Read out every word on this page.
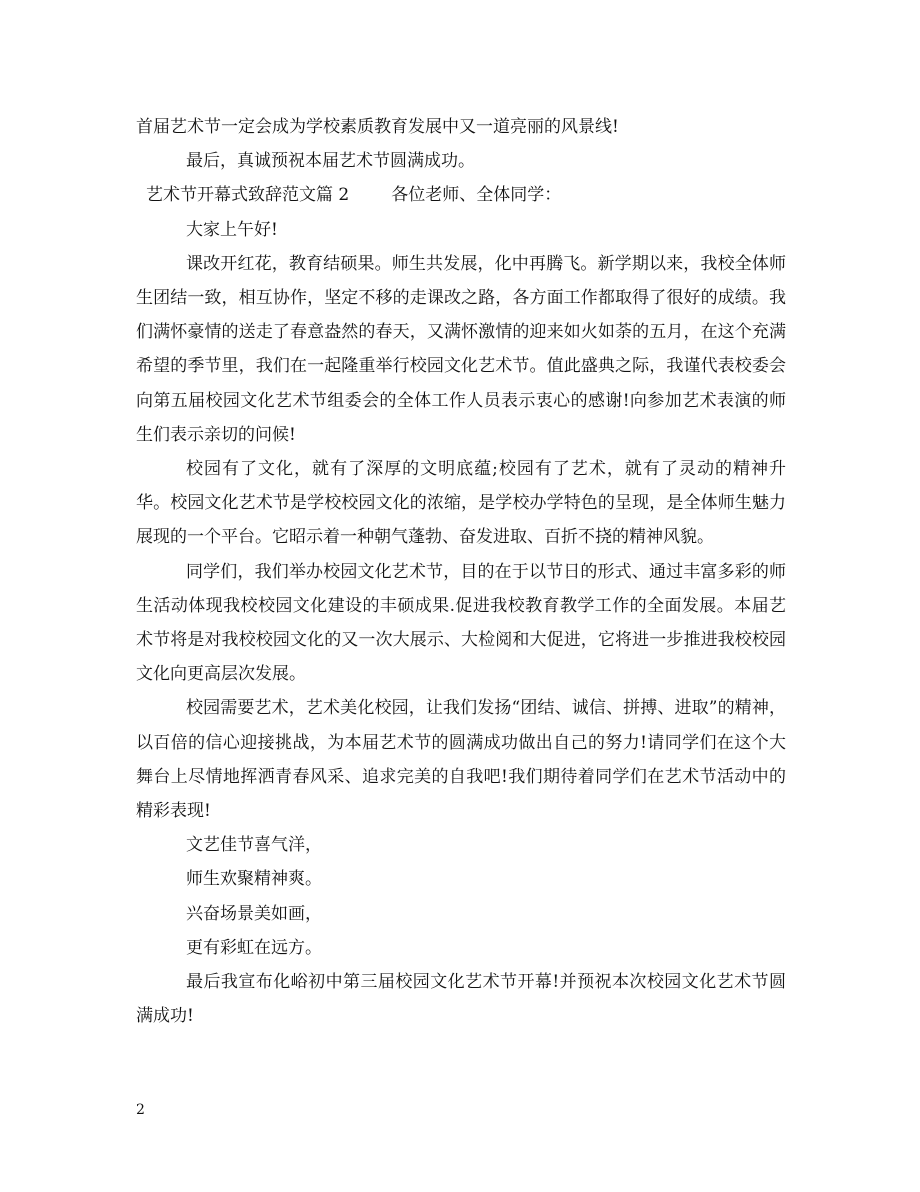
首届艺术节一定会成为学校素质教育发展中又一道亮丽的风景线!

最后，真诚预祝本届艺术节圆满成功。

艺术节开幕式致辞范文篇 2 各位老师、全体同学：

大家上午好!

课改开红花，教育结硕果。师生共发展，化中再腾飞。新学期以来，我校全体师生团结一致，相互协作，坚定不移的走课改之路，各方面工作都取得了很好的成绩。我们满怀豪情的送走了春意盎然的春天，又满怀激情的迎来如火如荼的五月，在这个充满希望的季节里，我们在一起隆重举行校园文化艺术节。值此盛典之际，我谨代表校委会向第五届校园文化艺术节组委会的全体工作人员表示衷心的感谢!向参加艺术表演的师生们表示亲切的问候!

校园有了文化，就有了深厚的文明底蕴;校园有了艺术，就有了灵动的精神升华。校园文化艺术节是学校校园文化的浓缩，是学校办学特色的呈现，是全体师生魅力展现的一个平台。它昭示着一种朝气蓬勃、奋发进取、百折不挠的精神风貌。

同学们，我们举办校园文化艺术节，目的在于以节日的形式、通过丰富多彩的师生活动体现我校校园文化建设的丰硕成果.促进我校教育教学工作的全面发展。本届艺术节将是对我校校园文化的又一次大展示、大检阅和大促进，它将进一步推进我校校园文化向更高层次发展。

校园需要艺术，艺术美化校园，让我们发扬“团结、诚信、拼搏、进取”的精神，以百倍的信心迎接挑战，为本届艺术节的圆满成功做出自己的努力!请同学们在这个大舞台上尽情地挥洒青春风采、追求完美的自我吧!我们期待着同学们在艺术节活动中的精彩表现!

文艺佳节喜气洋，

师生欢聚精神爽。

兴奋场景美如画，

更有彩虹在远方。

最后我宣布化峪初中第三届校园文化艺术节开幕!并预祝本次校园文化艺术节圆满成功!

2
